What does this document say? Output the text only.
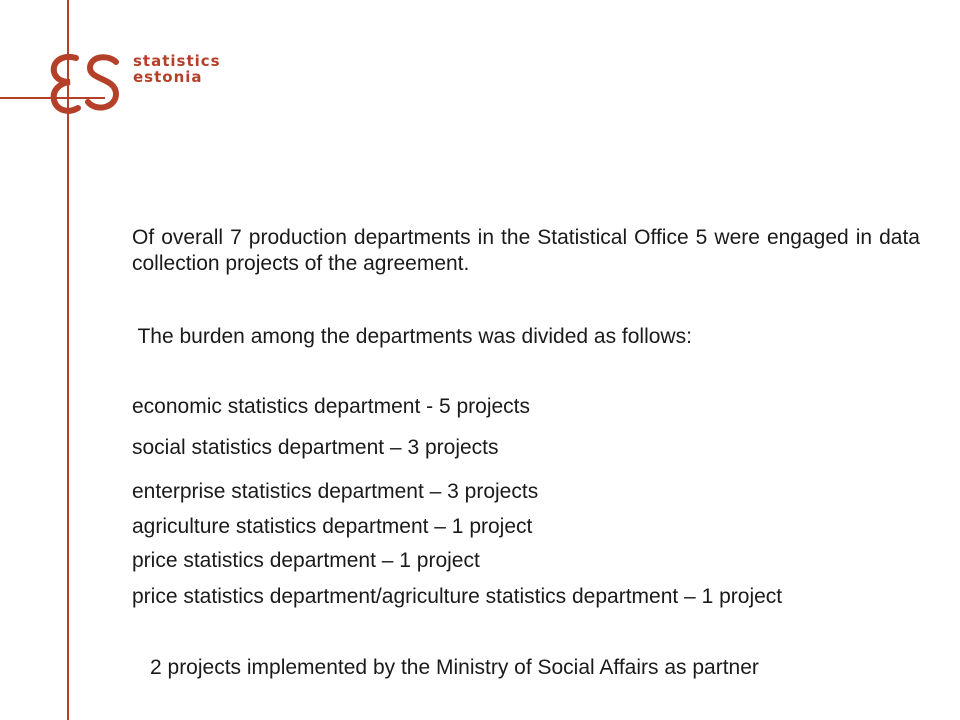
statistics
estonia

Of overall 7 production departments in the Statistical Office 5 were engaged in data collection projects of the agreement.

The burden among the departments was divided as follows:

economic statistics department - 5 projects

social statistics department – 3 projects

enterprise statistics department – 3 projects

agriculture statistics department – 1 project

price statistics department – 1 project

price statistics department/agriculture statistics department – 1 project

2 projects implemented by the Ministry of Social Affairs as partner
